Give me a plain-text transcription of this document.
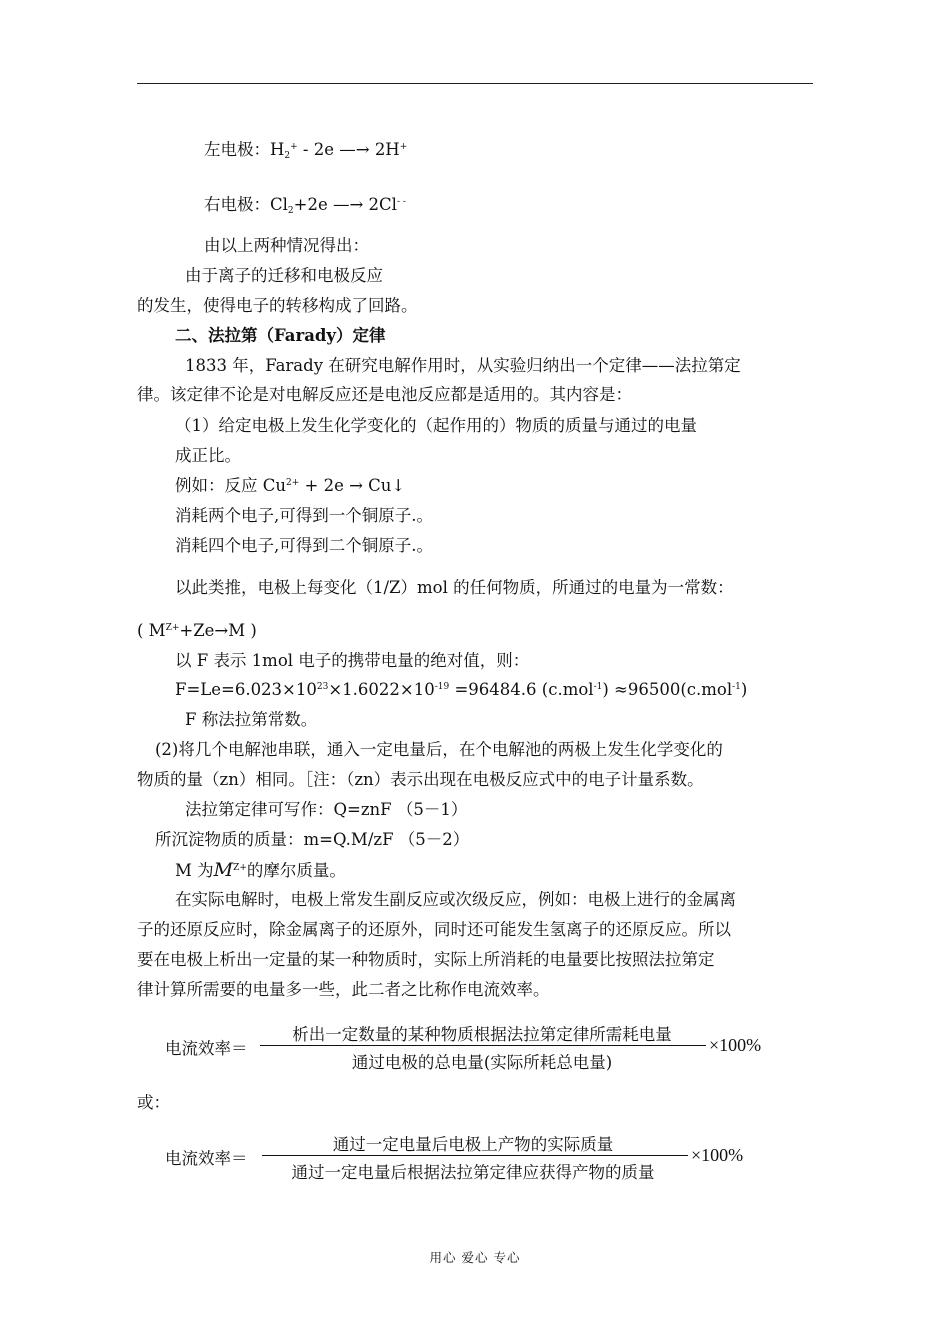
左电极：$H_2^+ - 2e$ —→ 2H+
右电极：$Cl_2+2e$ —→ 2Cl- -
由以上两种情况得出：
由于离子的迁移和电极反应
的发生，使得电子的转移构成了回路。
二、法拉第（Farady）定律
1833 年，Farady 在研究电解作用时，从实验归纳出一个定律——法拉第定
律。该定律不论是对电解反应还是电池反应都是适用的。其内容是：
（1）给定电极上发生化学变化的（起作用的）物质的质量与通过的电量
成正比。
例如：反应 $Cu^{2+} + 2e$ → Cu↓
消耗两个电子,可得到一个铜原子.。
消耗四个电子,可得到二个铜原子.。
以此类推，电极上每变化（1/Z）mol 的任何物质，所通过的电量为一常数：
( $M^{Z+}+Ze\to M$ )
以 F 表示 1mol 电子的携带电量的绝对值，则：
$F=Le=6.023\times 10^{23}\times 1.6022\times 10^{-19} =96484.6$ (c.mol$^{-1}$) ≈96500(c.mol$^{-1}$)
F 称法拉第常数。
(2)将几个电解池串联，通入一定电量后，在个电解池的两极上发生化学变化的
物质的量（zn）相同。［注：（zn）表示出现在电极反应式中的电子计量系数。
法拉第定律可写作：Q=znF （5－1）
所沉淀物质的质量：m=Q.M/zF （5－2）
M 为$M^{Z+}$的摩尔质量。
在实际电解时，电极上常发生副反应或次级反应，例如：电极上进行的金属离
子的还原反应时，除金属离子的还原外，同时还可能发生氢离子的还原反应。所以
要在电极上析出一定量的某一种物质时，实际上所消耗的电量要比按照法拉第定
律计算所需要的电量多一些，此二者之比称作电流效率。
电流效率＝
析出一定数量的某种物质根据法拉第定律所需耗电量
通过电极的总电量(实际所耗总电量)
×100%
或：
电流效率＝
通过一定电量后电极上产物的实际质量
通过一定电量后根据法拉第定律应获得产物的质量
×100%
用心 爱心 专心
